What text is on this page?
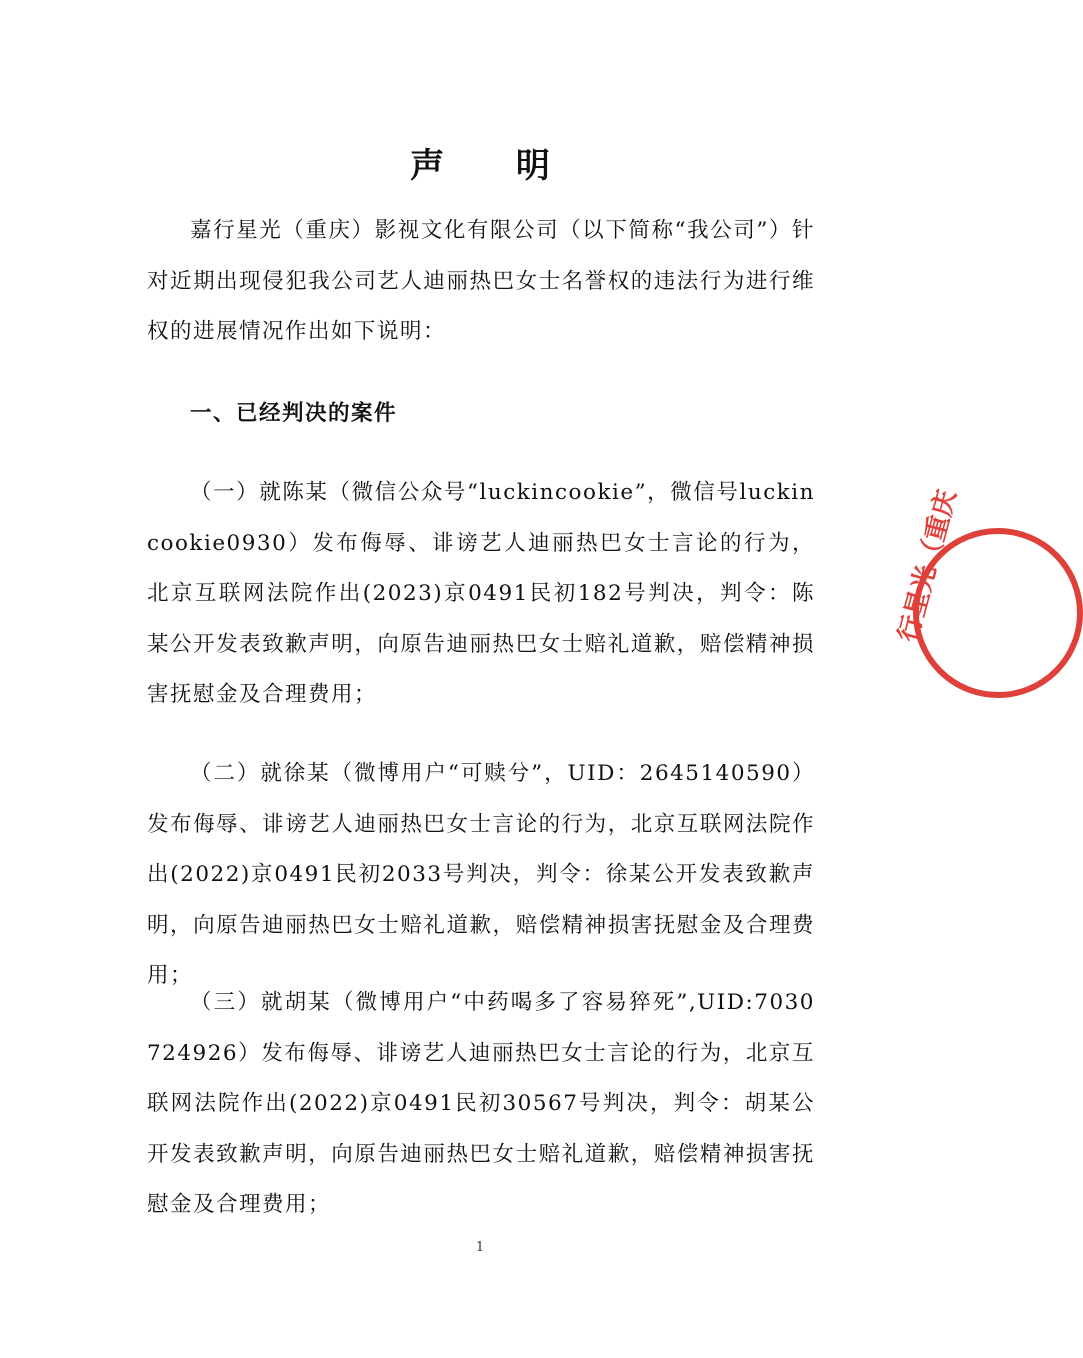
声 明
嘉行星光（重庆）影视文化有限公司（以下简称“我公司”）针对近期出现侵犯我公司艺人迪丽热巴女士名誉权的违法行为进行维权的进展情况作出如下说明：
一、已经判决的案件
（一）就陈某（微信公众号“luckincookie”，微信号luckincookie0930）发布侮辱、诽谤艺人迪丽热巴女士言论的行为，北京互联网法院作出(2023)京0491民初182号判决，判令：陈某公开发表致歉声明，向原告迪丽热巴女士赔礼道歉，赔偿精神损害抚慰金及合理费用；
（二）就徐某（微博用户“可赎兮”，UID：2645140590）发布侮辱、诽谤艺人迪丽热巴女士言论的行为，北京互联网法院作出(2022)京0491民初2033号判决，判令：徐某公开发表致歉声明，向原告迪丽热巴女士赔礼道歉，赔偿精神损害抚慰金及合理费用；
（三）就胡某（微博用户“中药喝多了容易猝死”,UID:7030724926）发布侮辱、诽谤艺人迪丽热巴女士言论的行为，北京互联网法院作出(2022)京0491民初30567号判决，判令：胡某公开发表致歉声明，向原告迪丽热巴女士赔礼道歉，赔偿精神损害抚慰金及合理费用；
1
行星光（重庆
